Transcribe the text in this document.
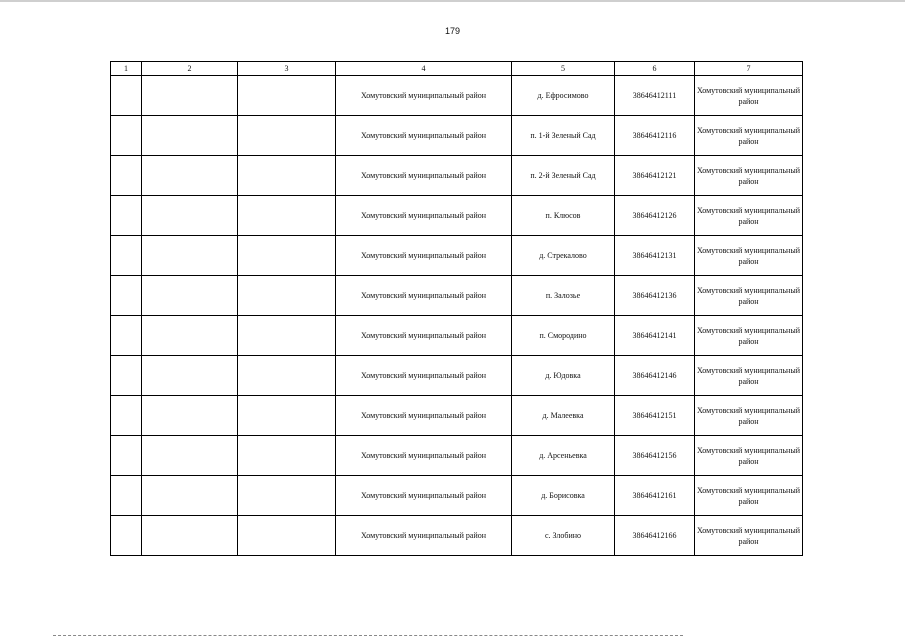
179
1	2	3	4	5	6	7
			Хомутовский муниципальный район	д. Ефросимово	38646412111	Хомутовский муниципальный район
			Хомутовский муниципальный район	п. 1-й Зеленый Сад	38646412116	Хомутовский муниципальный район
			Хомутовский муниципальный район	п. 2-й Зеленый Сад	38646412121	Хомутовский муниципальный район
			Хомутовский муниципальный район	п. Клюсов	38646412126	Хомутовский муниципальный район
			Хомутовский муниципальный район	д. Стрекалово	38646412131	Хомутовский муниципальный район
			Хомутовский муниципальный район	п. Залозье	38646412136	Хомутовский муниципальный район
			Хомутовский муниципальный район	п. Смородино	38646412141	Хомутовский муниципальный район
			Хомутовский муниципальный район	д. Юдовка	38646412146	Хомутовский муниципальный район
			Хомутовский муниципальный район	д. Малеевка	38646412151	Хомутовский муниципальный район
			Хомутовский муниципальный район	д. Арсеньевка	38646412156	Хомутовский муниципальный район
			Хомутовский муниципальный район	д. Борисовка	38646412161	Хомутовский муниципальный район
			Хомутовский муниципальный район	с. Злобино	38646412166	Хомутовский муниципальный район
